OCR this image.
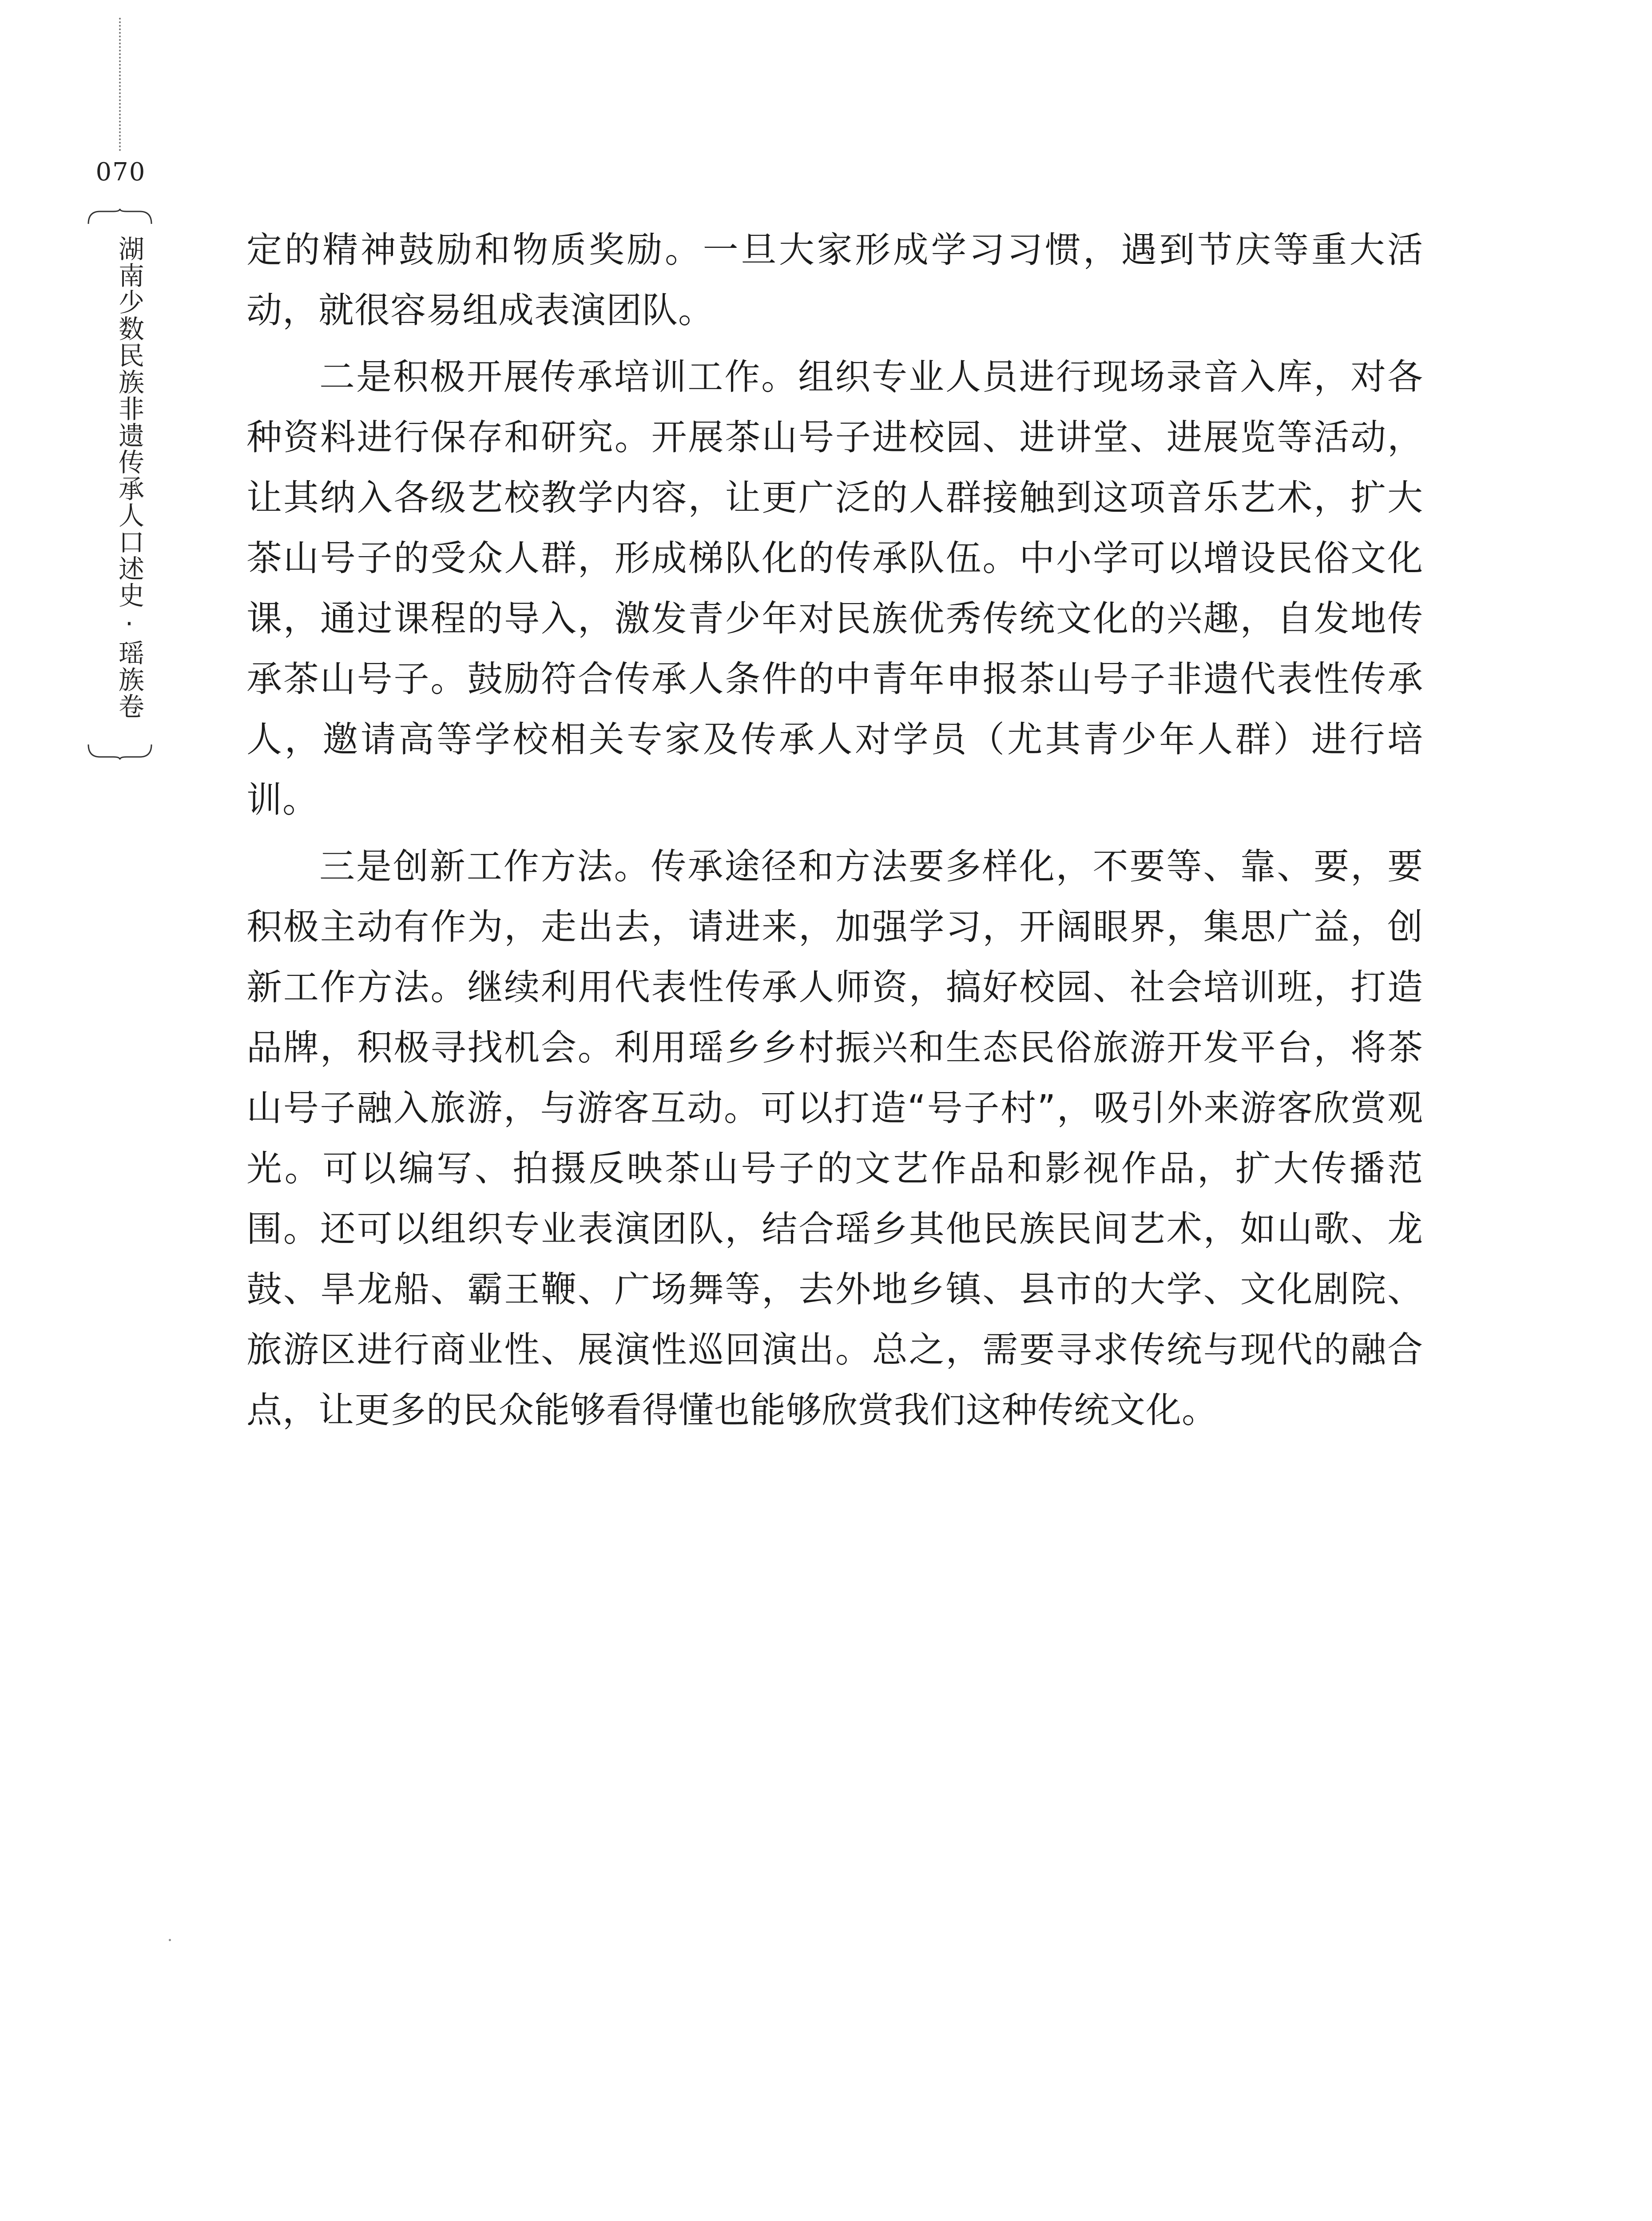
070
湖南少数民族非遗传承人口述史·瑶族卷	定的精神鼓励和物质奖励。一旦大家形成学习习惯，遇到节庆等重大活动，就很容易组成表演团队。

二是积极开展传承培训工作。组织专业人员进行现场录音入库，对各种资料进行保存和研究。开展茶山号子进校园、进讲堂、进展览等活动，让其纳入各级艺校教学内容，让更广泛的人群接触到这项音乐艺术，扩大茶山号子的受众人群，形成梯队化的传承队伍。中小学可以增设民俗文化课，通过课程的导入，激发青少年对民族优秀传统文化的兴趣，自发地传承茶山号子。鼓励符合传承人条件的中青年申报茶山号子非遗代表性传承人，邀请高等学校相关专家及传承人对学员（尤其青少年人群）进行培训。

三是创新工作方法。传承途径和方法要多样化，不要等、靠、要，要积极主动有作为，走出去，请进来，加强学习，开阔眼界，集思广益，创新工作方法。继续利用代表性传承人师资，搞好校园、社会培训班，打造品牌，积极寻找机会。利用瑶乡乡村振兴和生态民俗旅游开发平台，将茶山号子融入旅游，与游客互动。可以打造“号子村”，吸引外来游客欣赏观光。可以编写、拍摄反映茶山号子的文艺作品和影视作品，扩大传播范围。还可以组织专业表演团队，结合瑶乡其他民族民间艺术，如山歌、龙鼓、旱龙船、霸王鞭、广场舞等，去外地乡镇、县市的大学、文化剧院、旅游区进行商业性、展演性巡回演出。总之，需要寻求传统与现代的融合点，让更多的民众能够看得懂也能够欣赏我们这种传统文化。
